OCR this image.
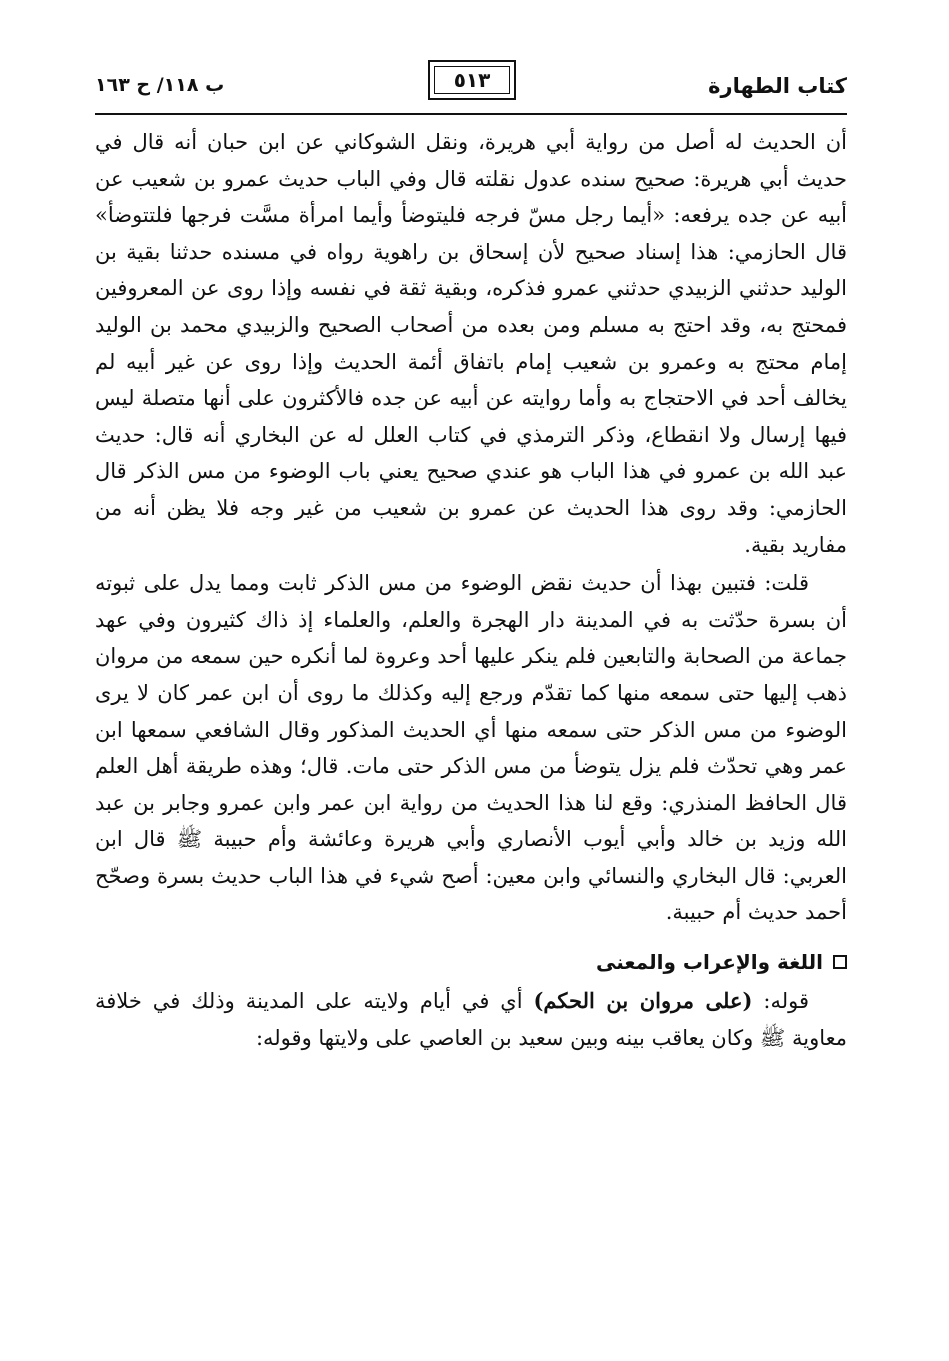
كتاب الطهارة
٥١٣
ب ١١٨/ ح ١٦٣

أن الحديث له أصل من رواية أبي هريرة، ونقل الشوكاني عن ابن حبان أنه قال في حديث أبي هريرة: صحيح سنده عدول نقلته قال وفي الباب حديث عمرو بن شعيب عن أبيه عن جده يرفعه: «أيما رجل مسّ فرجه فليتوضأ وأيما امرأة مسَّت فرجها فلتتوضأ» قال الحازمي: هذا إسناد صحيح لأن إسحاق بن راهوية رواه في مسنده حدثنا بقية بن الوليد حدثني الزبيدي حدثني عمرو فذكره، وبقية ثقة في نفسه وإذا روى عن المعروفين فمحتج به، وقد احتج به مسلم ومن بعده من أصحاب الصحيح والزبيدي محمد بن الوليد إمام محتج به وعمرو بن شعيب إمام باتفاق أئمة الحديث وإذا روى عن غير أبيه لم يخالف أحد في الاحتجاج به وأما روايته عن أبيه عن جده فالأكثرون على أنها متصلة ليس فيها إرسال ولا انقطاع، وذكر الترمذي في كتاب العلل له عن البخاري أنه قال: حديث عبد الله بن عمرو في هذا الباب هو عندي صحيح يعني باب الوضوء من مس الذكر قال الحازمي: وقد روى هذا الحديث عن عمرو بن شعيب من غير وجه فلا يظن أنه من مفاريد بقية.

قلت: فتبين بهذا أن حديث نقض الوضوء من مس الذكر ثابت ومما يدل على ثبوته أن بسرة حدّثت به في المدينة دار الهجرة والعلم، والعلماء إذ ذاك كثيرون وفي عهد جماعة من الصحابة والتابعين فلم ينكر عليها أحد وعروة لما أنكره حين سمعه من مروان ذهب إليها حتى سمعه منها كما تقدّم ورجع إليه وكذلك ما روى أن ابن عمر كان لا يرى الوضوء من مس الذكر حتى سمعه منها أي الحديث المذكور وقال الشافعي سمعها ابن عمر وهي تحدّث فلم يزل يتوضأ من مس الذكر حتى مات. قال؛ وهذه طريقة أهل العلم قال الحافظ المنذري: وقع لنا هذا الحديث من رواية ابن عمر وابن عمرو وجابر بن عبد الله وزيد بن خالد وأبي أيوب الأنصاري وأبي هريرة وعائشة وأم حبيبة ﷺ قال ابن العربي: قال البخاري والنسائي وابن معين: أصح شيء في هذا الباب حديث بسرة وصحّح أحمد حديث أم حبيبة.

اللغة والإعراب والمعنى

قوله: (على مروان بن الحكم) أي في أيام ولايته على المدينة وذلك في خلافة معاوية ﷺ وكان يعاقب بينه وبين سعيد بن العاصي على ولايتها وقوله:
